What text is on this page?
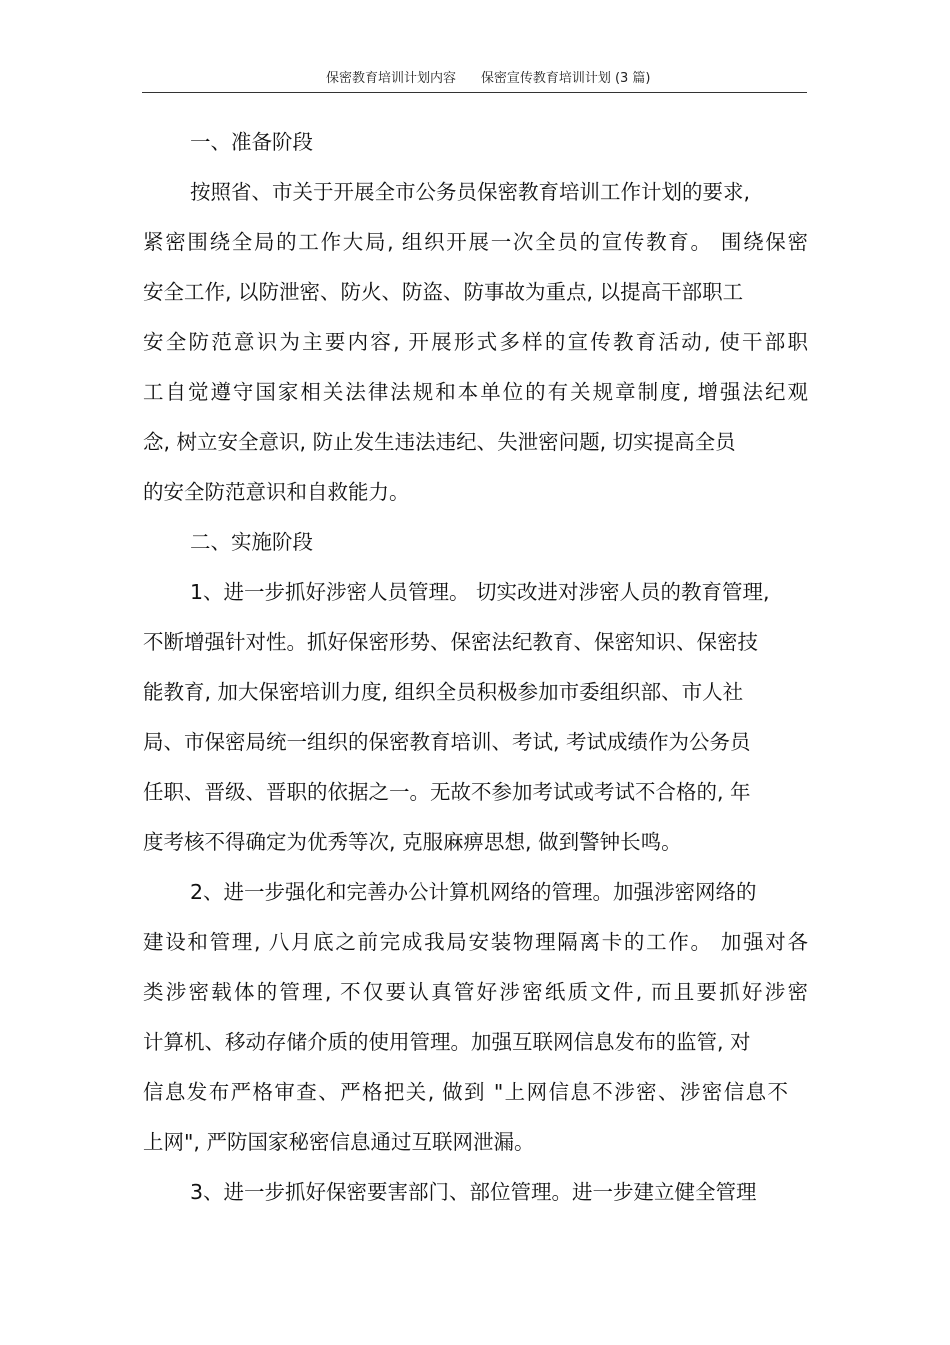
保密教育培训计划内容 保密宣传教育培训计划 (3 篇)
一、准备阶段
按照省、市关于开展全市公务员保密教育培训工作计划的要求,
紧密围绕全局的工作大局, 组织开展一次全员的宣传教育。 围绕保密
安全工作, 以防泄密、防火、防盗、防事故为重点, 以提高干部职工
安全防范意识为主要内容, 开展形式多样的宣传教育活动, 使干部职
工自觉遵守国家相关法律法规和本单位的有关规章制度, 增强法纪观
念, 树立安全意识, 防止发生违法违纪、失泄密问题, 切实提高全员
的安全防范意识和自救能力。
二、实施阶段
1、进一步抓好涉密人员管理。 切实改进对涉密人员的教育管理,
不断增强针对性。抓好保密形势、保密法纪教育、保密知识、保密技
能教育, 加大保密培训力度, 组织全员积极参加市委组织部、市人社
局、市保密局统一组织的保密教育培训、考试, 考试成绩作为公务员
任职、晋级、晋职的依据之一。无故不参加考试或考试不合格的, 年
度考核不得确定为优秀等次, 克服麻痹思想, 做到警钟长鸣。
2、进一步强化和完善办公计算机网络的管理。加强涉密网络的
建设和管理, 八月底之前完成我局安装物理隔离卡的工作。 加强对各
类涉密载体的管理, 不仅要认真管好涉密纸质文件, 而且要抓好涉密
计算机、移动存储介质的使用管理。加强互联网信息发布的监管, 对
信息发布严格审查、严格把关, 做到 "上网信息不涉密、涉密信息不
上网", 严防国家秘密信息通过互联网泄漏。
3、进一步抓好保密要害部门、部位管理。进一步建立健全管理
